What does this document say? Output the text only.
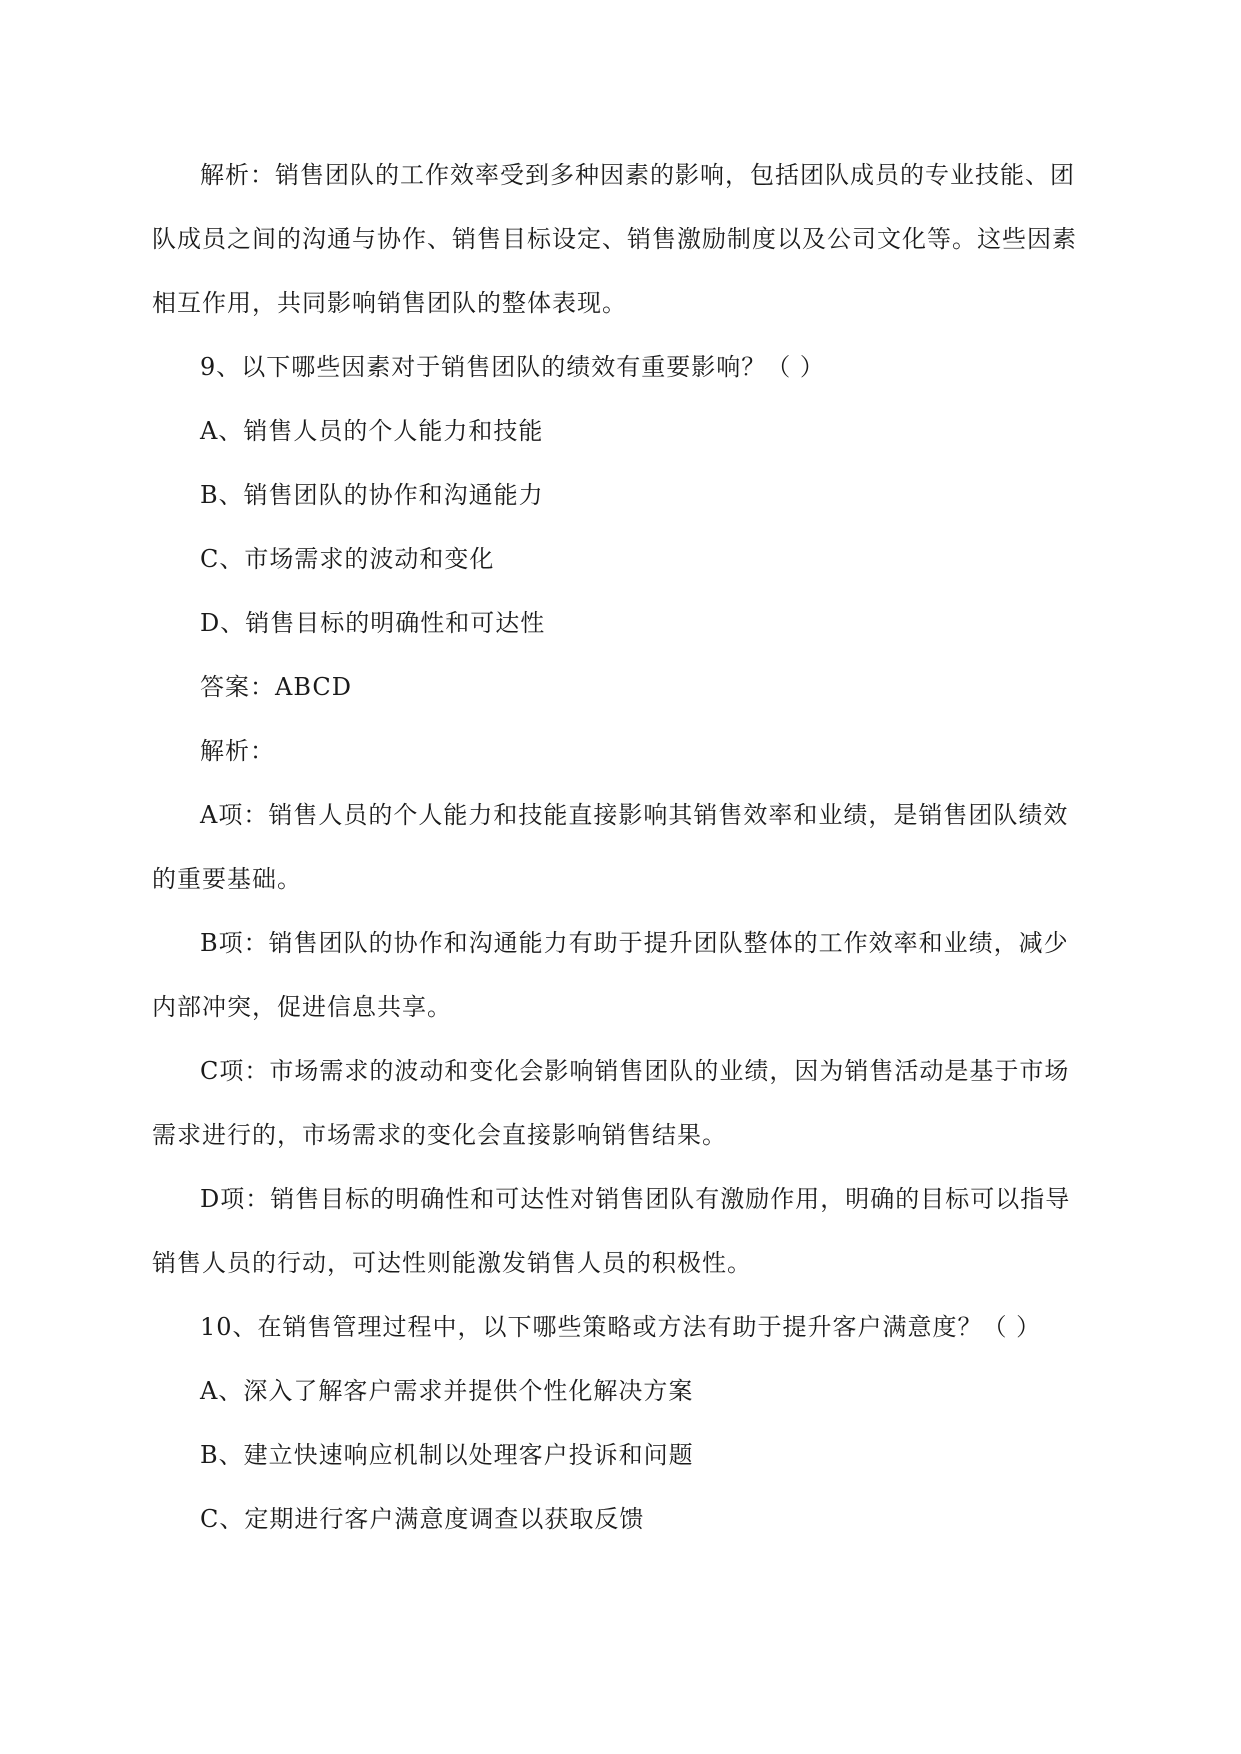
解析：销售团队的工作效率受到多种因素的影响，包括团队成员的专业技能、团队成员之间的沟通与协作、销售目标设定、销售激励制度以及公司文化等。这些因素相互作用，共同影响销售团队的整体表现。

9、以下哪些因素对于销售团队的绩效有重要影响？（ ）

A、销售人员的个人能力和技能

B、销售团队的协作和沟通能力

C、市场需求的波动和变化

D、销售目标的明确性和可达性

答案：ABCD

解析：

A项：销售人员的个人能力和技能直接影响其销售效率和业绩，是销售团队绩效的重要基础。

B项：销售团队的协作和沟通能力有助于提升团队整体的工作效率和业绩，减少内部冲突，促进信息共享。

C项：市场需求的波动和变化会影响销售团队的业绩，因为销售活动是基于市场需求进行的，市场需求的变化会直接影响销售结果。

D项：销售目标的明确性和可达性对销售团队有激励作用，明确的目标可以指导销售人员的行动，可达性则能激发销售人员的积极性。

10、在销售管理过程中，以下哪些策略或方法有助于提升客户满意度？（ ）

A、深入了解客户需求并提供个性化解决方案

B、建立快速响应机制以处理客户投诉和问题

C、定期进行客户满意度调查以获取反馈
